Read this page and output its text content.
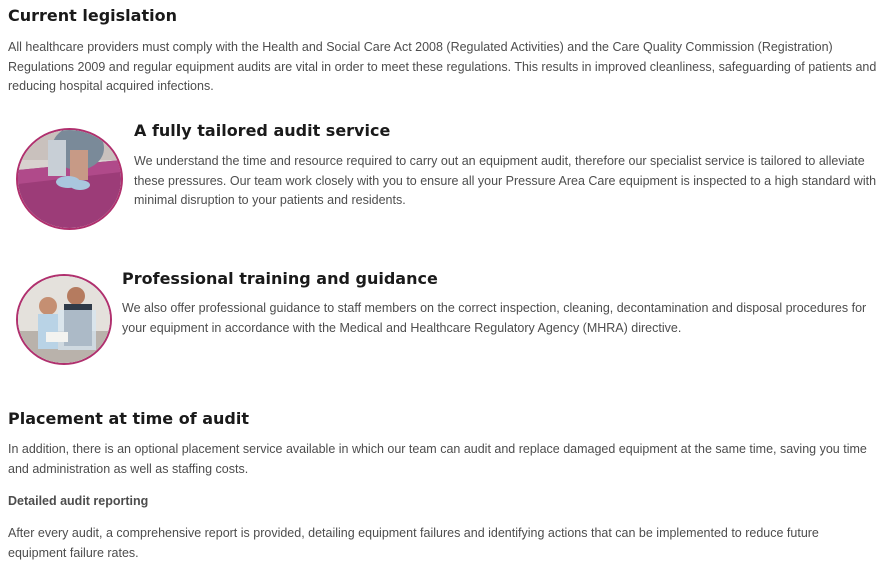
Current legislation

All healthcare providers must comply with the Health and Social Care Act 2008 (Regulated Activities) and the Care Quality Commission (Registration) Regulations 2009 and regular equipment audits are vital in order to meet these regulations. This results in improved cleanliness, safeguarding of patients and reducing hospital acquired infections.

A fully tailored audit service

We understand the time and resource required to carry out an equipment audit, therefore our specialist service is tailored to alleviate these pressures. Our team work closely with you to ensure all your Pressure Area Care equipment is inspected to a high standard with minimal disruption to your patients and residents.

Professional training and guidance

We also offer professional guidance to staff members on the correct inspection, cleaning, decontamination and disposal procedures for your equipment in accordance with the Medical and Healthcare Regulatory Agency (MHRA) directive.

Placement at time of audit

In addition, there is an optional placement service available in which our team can audit and replace damaged equipment at the same time, saving you time and administration as well as staffing costs.

Detailed audit reporting

After every audit, a comprehensive report is provided, detailing equipment failures and identifying actions that can be implemented to reduce future equipment failure rates.
